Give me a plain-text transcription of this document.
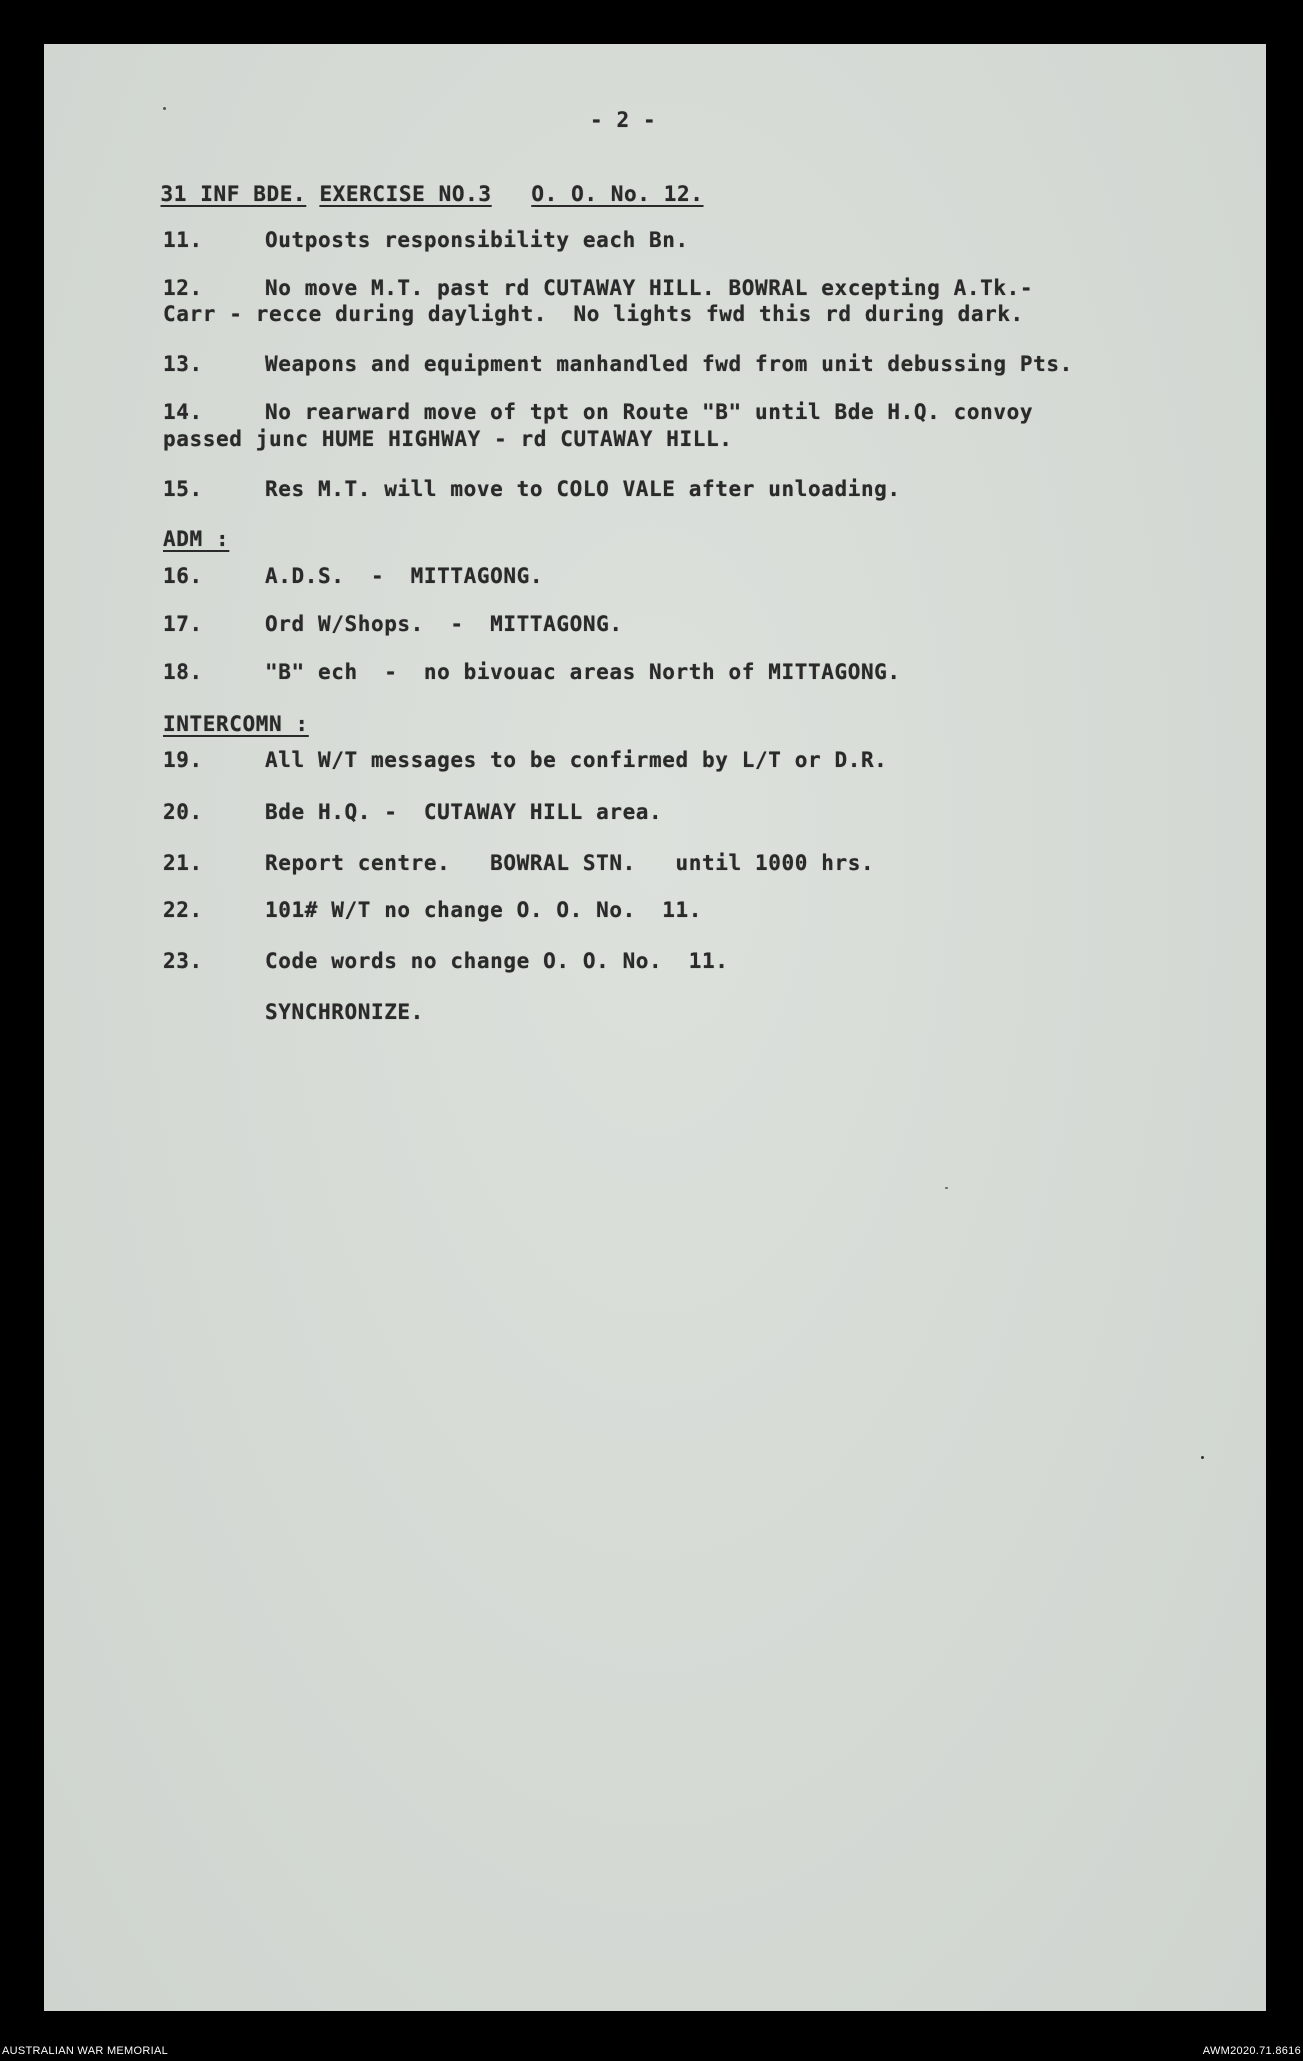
- 2 -

31 INF BDE. EXERCISE NO.3 O. O. No. 12.

11.	Outposts responsibility each Bn.
12.	No move M.T. past rd CUTAWAY HILL. BOWRAL excepting A.Tk.-
Carr - recce during daylight.  No lights fwd this rd during dark.
13.	Weapons and equipment manhandled fwd from unit debussing Pts.
14.	No rearward move of tpt on Route "B" until Bde H.Q. convoy
passed junc HUME HIGHWAY - rd CUTAWAY HILL.
15.	Res M.T. will move to COLO VALE after unloading.
ADM :
16.	A.D.S.  -  MITTAGONG.
17.	Ord W/Shops.  -  MITTAGONG.
18.	"B" ech  -  no bivouac areas North of MITTAGONG.
INTERCOMN :
19.	All W/T messages to be confirmed by L/T or D.R.
20.	Bde H.Q. -  CUTAWAY HILL area.
21.	Report centre.   BOWRAL STN.   until 1000 hrs.
22.	101# W/T no change O. O. No.  11.
23.	Code words no change O. O. No.  11.
SYNCHRONIZE.
AUSTRALIAN WAR MEMORIAL	AWM2020.71.8616
